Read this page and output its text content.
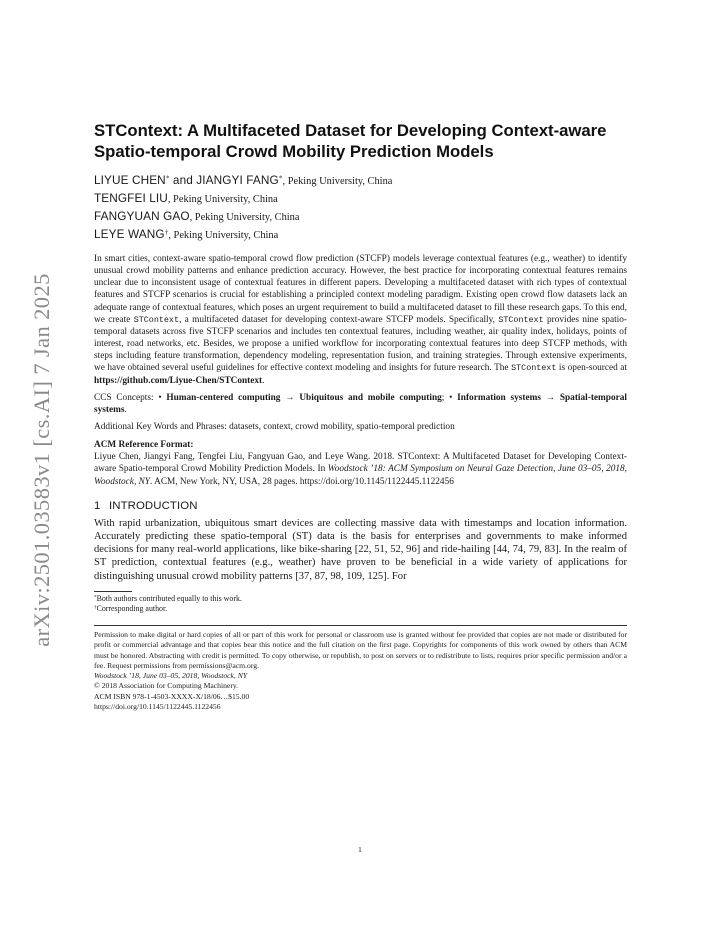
arXiv:2501.03583v1 [cs.AI] 7 Jan 2025
STContext: A Multifaceted Dataset for Developing Context-aware Spatio-temporal Crowd Mobility Prediction Models
LIYUE CHEN* and JIANGYI FANG*, Peking University, China
TENGFEI LIU, Peking University, China
FANGYUAN GAO, Peking University, China
LEYE WANG†, Peking University, China
In smart cities, context-aware spatio-temporal crowd flow prediction (STCFP) models leverage contextual features (e.g., weather) to identify unusual crowd mobility patterns and enhance prediction accuracy. However, the best practice for incorporating contextual features remains unclear due to inconsistent usage of contextual features in different papers. Developing a multifaceted dataset with rich types of contextual features and STCFP scenarios is crucial for establishing a principled context modeling paradigm. Existing open crowd flow datasets lack an adequate range of contextual features, which poses an urgent requirement to build a multifaceted dataset to fill these research gaps. To this end, we create STContext, a multifaceted dataset for developing context-aware STCFP models. Specifically, STContext provides nine spatio-temporal datasets across five STCFP scenarios and includes ten contextual features, including weather, air quality index, holidays, points of interest, road networks, etc. Besides, we propose a unified workflow for incorporating contextual features into deep STCFP methods, with steps including feature transformation, dependency modeling, representation fusion, and training strategies. Through extensive experiments, we have obtained several useful guidelines for effective context modeling and insights for future research. The STContext is open-sourced at https://github.com/Liyue-Chen/STContext.
CCS Concepts: • Human-centered computing → Ubiquitous and mobile computing; • Information systems → Spatial-temporal systems.
Additional Key Words and Phrases: datasets, context, crowd mobility, spatio-temporal prediction
ACM Reference Format:
Liyue Chen, Jiangyi Fang, Tengfei Liu, Fangyuan Gao, and Leye Wang. 2018. STContext: A Multifaceted Dataset for Developing Context-aware Spatio-temporal Crowd Mobility Prediction Models. In Woodstock ’18: ACM Symposium on Neural Gaze Detection, June 03–05, 2018, Woodstock, NY. ACM, New York, NY, USA, 28 pages. https://doi.org/10.1145/1122445.1122456
1 INTRODUCTION
With rapid urbanization, ubiquitous smart devices are collecting massive data with timestamps and location information. Accurately predicting these spatio-temporal (ST) data is the basis for enterprises and governments to make informed decisions for many real-world applications, like bike-sharing [22, 51, 52, 96] and ride-hailing [44, 74, 79, 83]. In the realm of ST prediction, contextual features (e.g., weather) have proven to be beneficial in a wide variety of applications for distinguishing unusual crowd mobility patterns [37, 87, 98, 109, 125]. For
*Both authors contributed equally to this work.
†Corresponding author.
Permission to make digital or hard copies of all or part of this work for personal or classroom use is granted without fee provided that copies are not made or distributed for profit or commercial advantage and that copies bear this notice and the full citation on the first page. Copyrights for components of this work owned by others than ACM must be honored. Abstracting with credit is permitted. To copy otherwise, or republish, to post on servers or to redistribute to lists, requires prior specific permission and/or a fee. Request permissions from permissions@acm.org.
Woodstock ’18, June 03–05, 2018, Woodstock, NY
© 2018 Association for Computing Machinery.
ACM ISBN 978-1-4503-XXXX-X/18/06…$15.00
https://doi.org/10.1145/1122445.1122456
1
